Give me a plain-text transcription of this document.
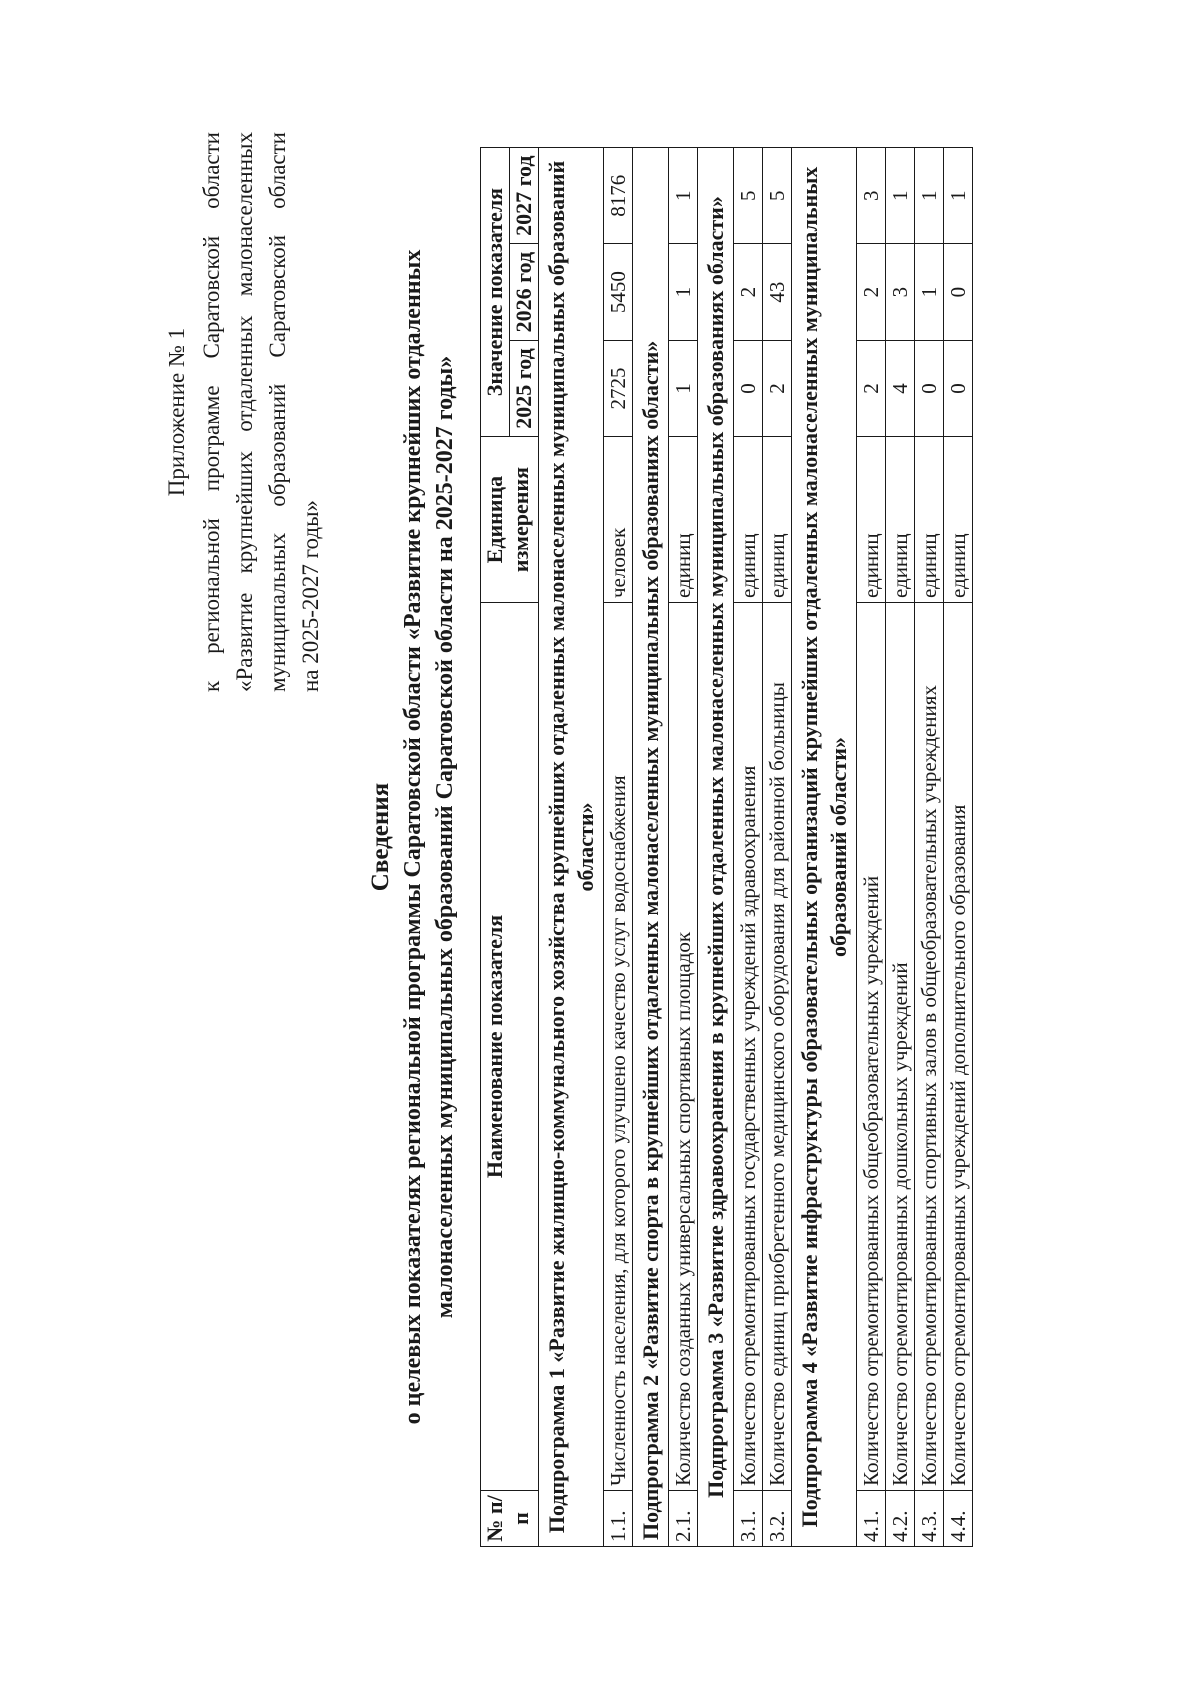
Приложение № 1 к региональной программе Саратовской области «Развитие крупнейших отдаленных малонаселенных муниципальных образований Саратовской области на 2025-2027 годы»
Сведения о целевых показателях региональной программы Саратовской области «Развитие крупнейших отдаленных малонаселенных муниципальных образований Саратовской области на 2025-2027 годы»
№ п/п	Наименование показателя	Единица измерения	Значение показателя		
			2025 год	2026 год	2027 год
Подпрограмма 1 «Развитие жилищно-коммунального хозяйства крупнейших отдаленных малонаселенных муниципальных образований области»					
1.1.	Численность населения, для которого улучшено качество услуг водоснабжения	человек	2725	5450	8176
Подпрограмма 2 «Развитие спорта в крупнейших отдаленных малонаселенных муниципальных образованиях области»					
2.1.	Количество созданных универсальных спортивных площадок	единиц	1	1	1
Подпрограмма 3 «Развитие здравоохранения в крупнейших отдаленных малонаселенных муниципальных образованиях области»					
3.1.	Количество отремонтированных государственных учреждений здравоохранения	единиц	0	2	5
3.2.	Количество единиц приобретенного медицинского оборудования для районной больницы	единиц	2	43	5
Подпрограмма 4 «Развитие инфраструктуры образовательных организаций крупнейших отдаленных малонаселенных муниципальных образований области»					
4.1.	Количество отремонтированных общеобразовательных учреждений	единиц	2	2	3
4.2.	Количество отремонтированных дошкольных учреждений	единиц	4	3	1
4.3.	Количество отремонтированных спортивных залов в общеобразовательных учреждениях	единиц	0	1	1
4.4.	Количество отремонтированных учреждений дополнительного образования	единиц	0	0	1
